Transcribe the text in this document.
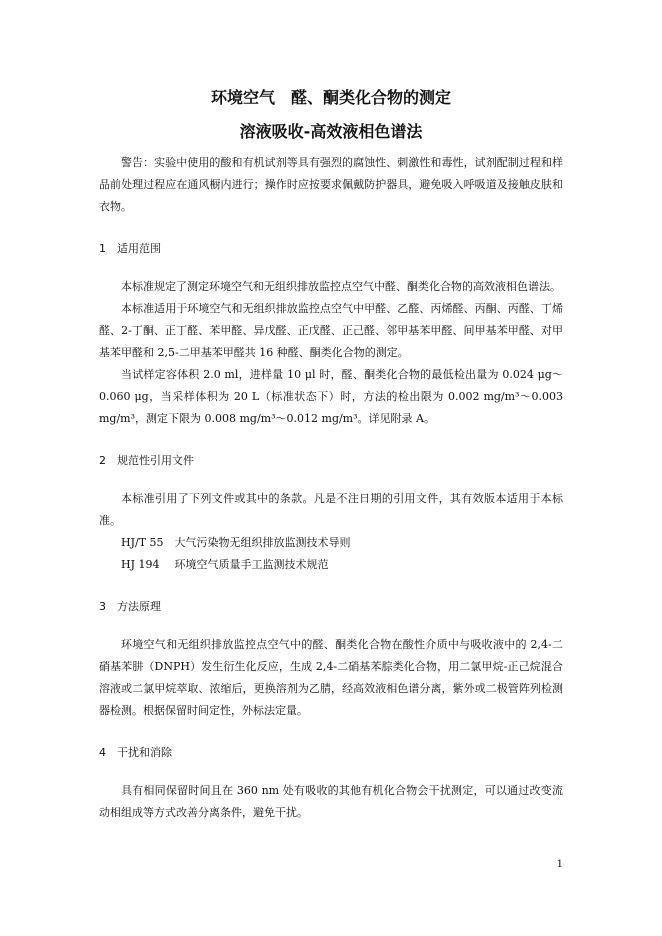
环境空气　醛、酮类化合物的测定
溶液吸收-高效液相色谱法

警告：实验中使用的酸和有机试剂等具有强烈的腐蚀性、刺激性和毒性，试剂配制过程和样品前处理过程应在通风橱内进行；操作时应按要求佩戴防护器具，避免吸入呼吸道及接触皮肤和衣物。

1	适用范围

本标准规定了测定环境空气和无组织排放监控点空气中醛、酮类化合物的高效液相色谱法。

本标准适用于环境空气和无组织排放监控点空气中甲醛、乙醛、丙烯醛、丙酮、丙醛、丁烯醛、2-丁酮、正丁醛、苯甲醛、异戊醛、正戊醛、正己醛、邻甲基苯甲醛、间甲基苯甲醛、对甲基苯甲醛和 2,5-二甲基苯甲醛共 16 种醛、酮类化合物的测定。

当试样定容体积 2.0 ml，进样量 10 μl 时，醛、酮类化合物的最低检出量为 0.024 μg～0.060 μg，当采样体积为 20 L（标准状态下）时，方法的检出限为 0.002 mg/m³～0.003 mg/m³，测定下限为 0.008 mg/m³～0.012 mg/m³。详见附录 A。

2	规范性引用文件

本标准引用了下列文件或其中的条款。凡是不注日期的引用文件，其有效版本适用于本标准。

HJ/T 55 大气污染物无组织排放监测技术导则

HJ 194 环境空气质量手工监测技术规范

3	方法原理

环境空气和无组织排放监控点空气中的醛、酮类化合物在酸性介质中与吸收液中的 2,4-二硝基苯肼（DNPH）发生衍生化反应，生成 2,4-二硝基苯腙类化合物，用二氯甲烷-正己烷混合溶液或二氯甲烷萃取、浓缩后，更换溶剂为乙腈，经高效液相色谱分离，紫外或二极管阵列检测器检测。根据保留时间定性，外标法定量。

4	干扰和消除

具有相同保留时间且在 360 nm 处有吸收的其他有机化合物会干扰测定，可以通过改变流动相组成等方式改善分离条件，避免干扰。

1
